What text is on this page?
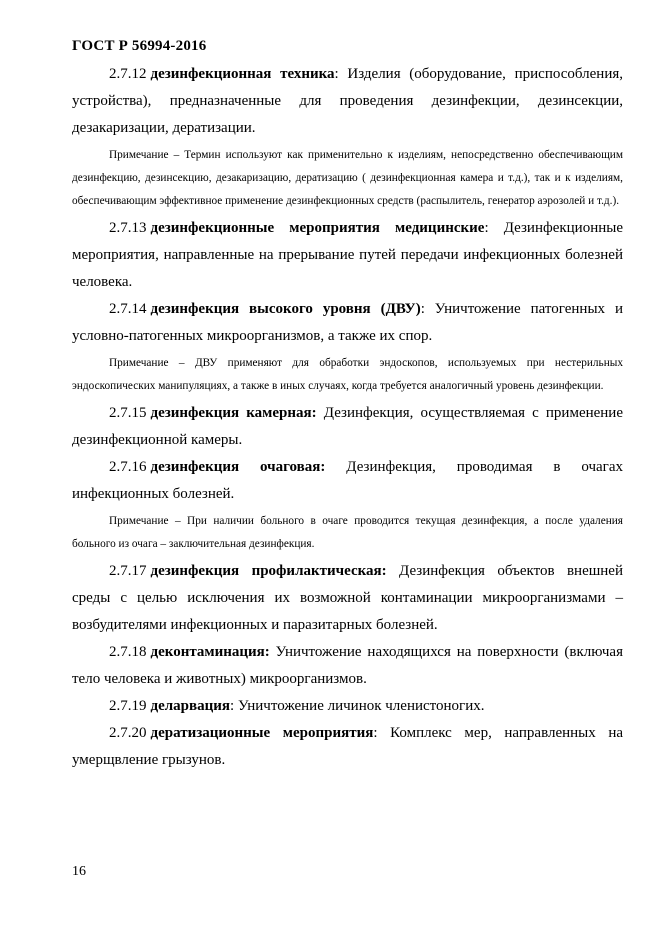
ГОСТ Р 56994-2016

2.7.12 дезинфекционная техника: Изделия (оборудование, приспособления, устройства), предназначенные для проведения дезинфекции, дезинсекции, дезакаризации, дератизации.

Примечание – Термин используют как применительно к изделиям, непосредственно обеспечивающим дезинфекцию, дезинсекцию, дезакаризацию, дератизацию ( дезинфекционная камера и т.д.), так и к изделиям, обеспечивающим эффективное применение дезинфекционных средств (распылитель, генератор аэрозолей и т.д.).

2.7.13 дезинфекционные мероприятия медицинские: Дезинфекционные мероприятия, направленные на прерывание путей передачи инфекционных болезней человека.

2.7.14 дезинфекция высокого уровня (ДВУ): Уничтожение патогенных и условно-патогенных микроорганизмов, а также их спор.

Примечание – ДВУ применяют для обработки эндоскопов, используемых при нестерильных эндоскопических манипуляциях, а также в иных случаях, когда требуется аналогичный уровень дезинфекции.

2.7.15 дезинфекция камерная: Дезинфекция, осуществляемая с применение дезинфекционной камеры.

2.7.16 дезинфекция очаговая: Дезинфекция, проводимая в очагах инфекционных болезней.

Примечание – При наличии больного в очаге проводится текущая дезинфекция, а после удаления больного из очага – заключительная дезинфекция.

2.7.17 дезинфекция профилактическая: Дезинфекция объектов внешней среды с целью исключения их возможной контаминации микроорганизмами – возбудителями инфекционных и паразитарных болезней.

2.7.18 деконтаминация: Уничтожение находящихся на поверхности (включая тело человека и животных) микроорганизмов.

2.7.19 деларвация: Уничтожение личинок членистоногих.

2.7.20 дератизационные мероприятия: Комплекс мер, направленных на умерщвление грызунов.

16
